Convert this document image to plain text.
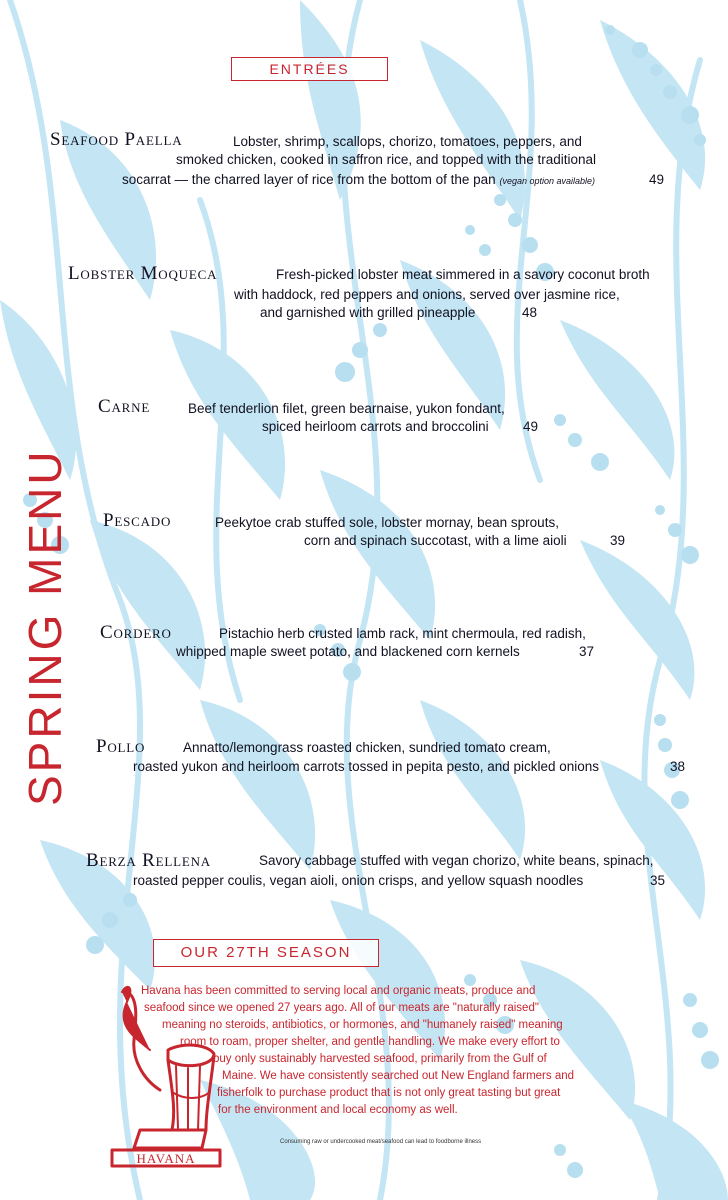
ENTRÉES
SPRING MENU
Seafood Paella	Lobster, shrimp, scallops, chorizo, tomatoes, peppers, and
smoked chicken, cooked in saffron rice, and topped with the traditional
socarrat — the charred layer of rice from the bottom of the pan (vegan option available)	49
Lobster Moqueca	Fresh-picked lobster meat simmered in a savory coconut broth
with haddock, red peppers and onions, served over jasmine rice,
and garnished with grilled pineapple	48
Carne	Beef tenderlion filet, green bearnaise, yukon fondant,
spiced heirloom carrots and broccolini	49
Pescado	Peekytoe crab stuffed sole, lobster mornay, bean sprouts,
corn and spinach succotast, with a lime aioli	39
Cordero	Pistachio herb crusted lamb rack, mint chermoula, red radish,
whipped maple sweet potato, and blackened corn kernels	37
Pollo	Annatto/lemongrass roasted chicken, sundried tomato cream,
roasted yukon and heirloom carrots tossed in pepita pesto, and pickled onions	38
Berza Rellena	Savory cabbage stuffed with vegan chorizo, white beans, spinach,
roasted pepper coulis, vegan aioli, onion crisps, and yellow squash noodles	35
OUR 27TH SEASON
Havana has been committed to serving local and organic meats, produce and
seafood since we opened 27 years ago. All of our meats are "naturally raised"
meaning no steroids, antibiotics, or hormones, and "humanely raised" meaning
room to roam, proper shelter, and gentle handling. We make every effort to
buy only sustainably harvested seafood, primarily from the Gulf of
Maine. We have consistently searched out New England farmers and
fisherfolk to purchase product that is not only great tasting but great
for the environment and local economy as well.
Consuming raw or undercooked meat/seafood can lead to foodborne illness
HAVANA
